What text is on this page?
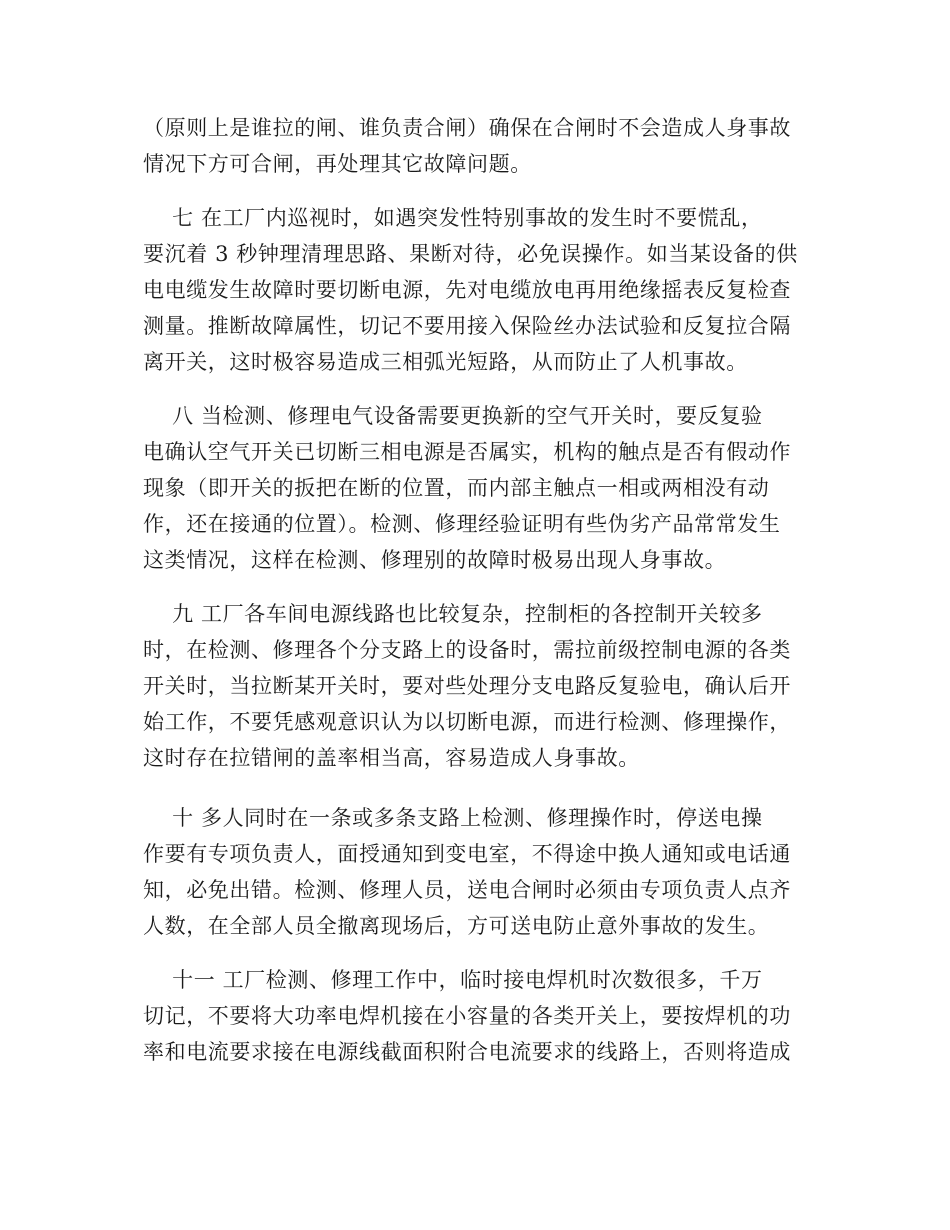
（原则上是谁拉的闸、谁负责合闸）确保在合闸时不会造成人身事故
情况下方可合闸，再处理其它故障问题。
七 在工厂内巡视时，如遇突发性特别事故的发生时不要慌乱，
要沉着 3 秒钟理清理思路、果断对待，必免误操作。如当某设备的供
电电缆发生故障时要切断电源，先对电缆放电再用绝缘摇表反复检查
测量。推断故障属性，切记不要用接入保险丝办法试验和反复拉合隔
离开关，这时极容易造成三相弧光短路，从而防止了人机事故。
八 当检测、修理电气设备需要更换新的空气开关时，要反复验
电确认空气开关已切断三相电源是否属实，机构的触点是否有假动作
现象（即开关的扳把在断的位置，而内部主触点一相或两相没有动
作，还在接通的位置）。检测、修理经验证明有些伪劣产品常常发生
这类情况，这样在检测、修理别的故障时极易出现人身事故。
九 工厂各车间电源线路也比较复杂，控制柜的各控制开关较多
时，在检测、修理各个分支路上的设备时，需拉前级控制电源的各类
开关时，当拉断某开关时，要对些处理分支电路反复验电，确认后开
始工作，不要凭感观意识认为以切断电源，而进行检测、修理操作，
这时存在拉错闸的盖率相当高，容易造成人身事故。
十 多人同时在一条或多条支路上检测、修理操作时，停送电操
作要有专项负责人，面授通知到变电室，不得途中换人通知或电话通
知，必免出错。检测、修理人员，送电合闸时必须由专项负责人点齐
人数，在全部人员全撤离现场后，方可送电防止意外事故的发生。
十一 工厂检测、修理工作中，临时接电焊机时次数很多，千万
切记，不要将大功率电焊机接在小容量的各类开关上，要按焊机的功
率和电流要求接在电源线截面积附合电流要求的线路上，否则将造成
